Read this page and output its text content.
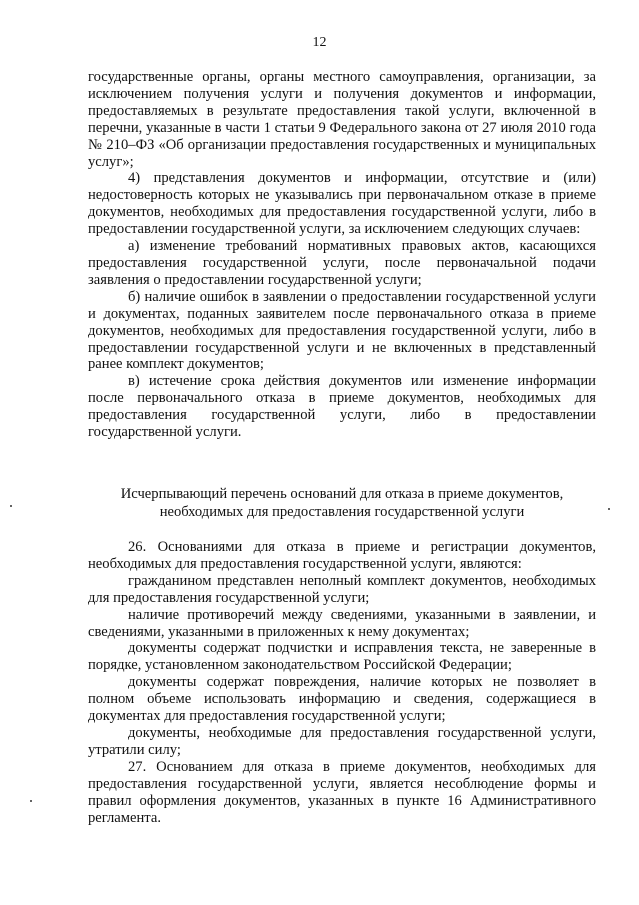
12

государственные органы, органы местного самоуправления, организации, за исключением получения услуги и получения документов и информации, предоставляемых в результате предоставления такой услуги, включенной в перечни, указанные в части 1 статьи 9 Федерального закона от 27 июля 2010 года № 210–ФЗ «Об организации предоставления государственных и муниципальных услуг»;

4) представления документов и информации, отсутствие и (или) недостоверность которых не указывались при первоначальном отказе в приеме документов, необходимых для предоставления государственной услуги, либо в предоставлении государственной услуги, за исключением следующих случаев:

а) изменение требований нормативных правовых актов, касающихся предоставления государственной услуги, после первоначальной подачи заявления о предоставлении государственной услуги;

б) наличие ошибок в заявлении о предоставлении государственной услуги и документах, поданных заявителем после первоначального отказа в приеме документов, необходимых для предоставления государственной услуги, либо в предоставлении государственной услуги и не включенных в представленный ранее комплект документов;

в) истечение срока действия документов или изменение информации после первоначального отказа в приеме документов, необходимых для предоставления государственной услуги, либо в предоставлении государственной услуги.

Исчерпывающий перечень оснований для отказа в приеме документов,
необходимых для предоставления государственной услуги

26. Основаниями для отказа в приеме и регистрации документов, необходимых для предоставления государственной услуги, являются:

гражданином представлен неполный комплект документов, необходимых для предоставления государственной услуги;

наличие противоречий между сведениями, указанными в заявлении, и сведениями, указанными в приложенных к нему документах;

документы содержат подчистки и исправления текста, не заверенные в порядке, установленном законодательством Российской Федерации;

документы содержат повреждения, наличие которых не позволяет в полном объеме использовать информацию и сведения, содержащиеся в документах для предоставления государственной услуги;

документы, необходимые для предоставления государственной услуги, утратили силу;

27. Основанием для отказа в приеме документов, необходимых для предоставления государственной услуги, является несоблюдение формы и правил оформления документов, указанных в пункте 16 Административного регламента.
